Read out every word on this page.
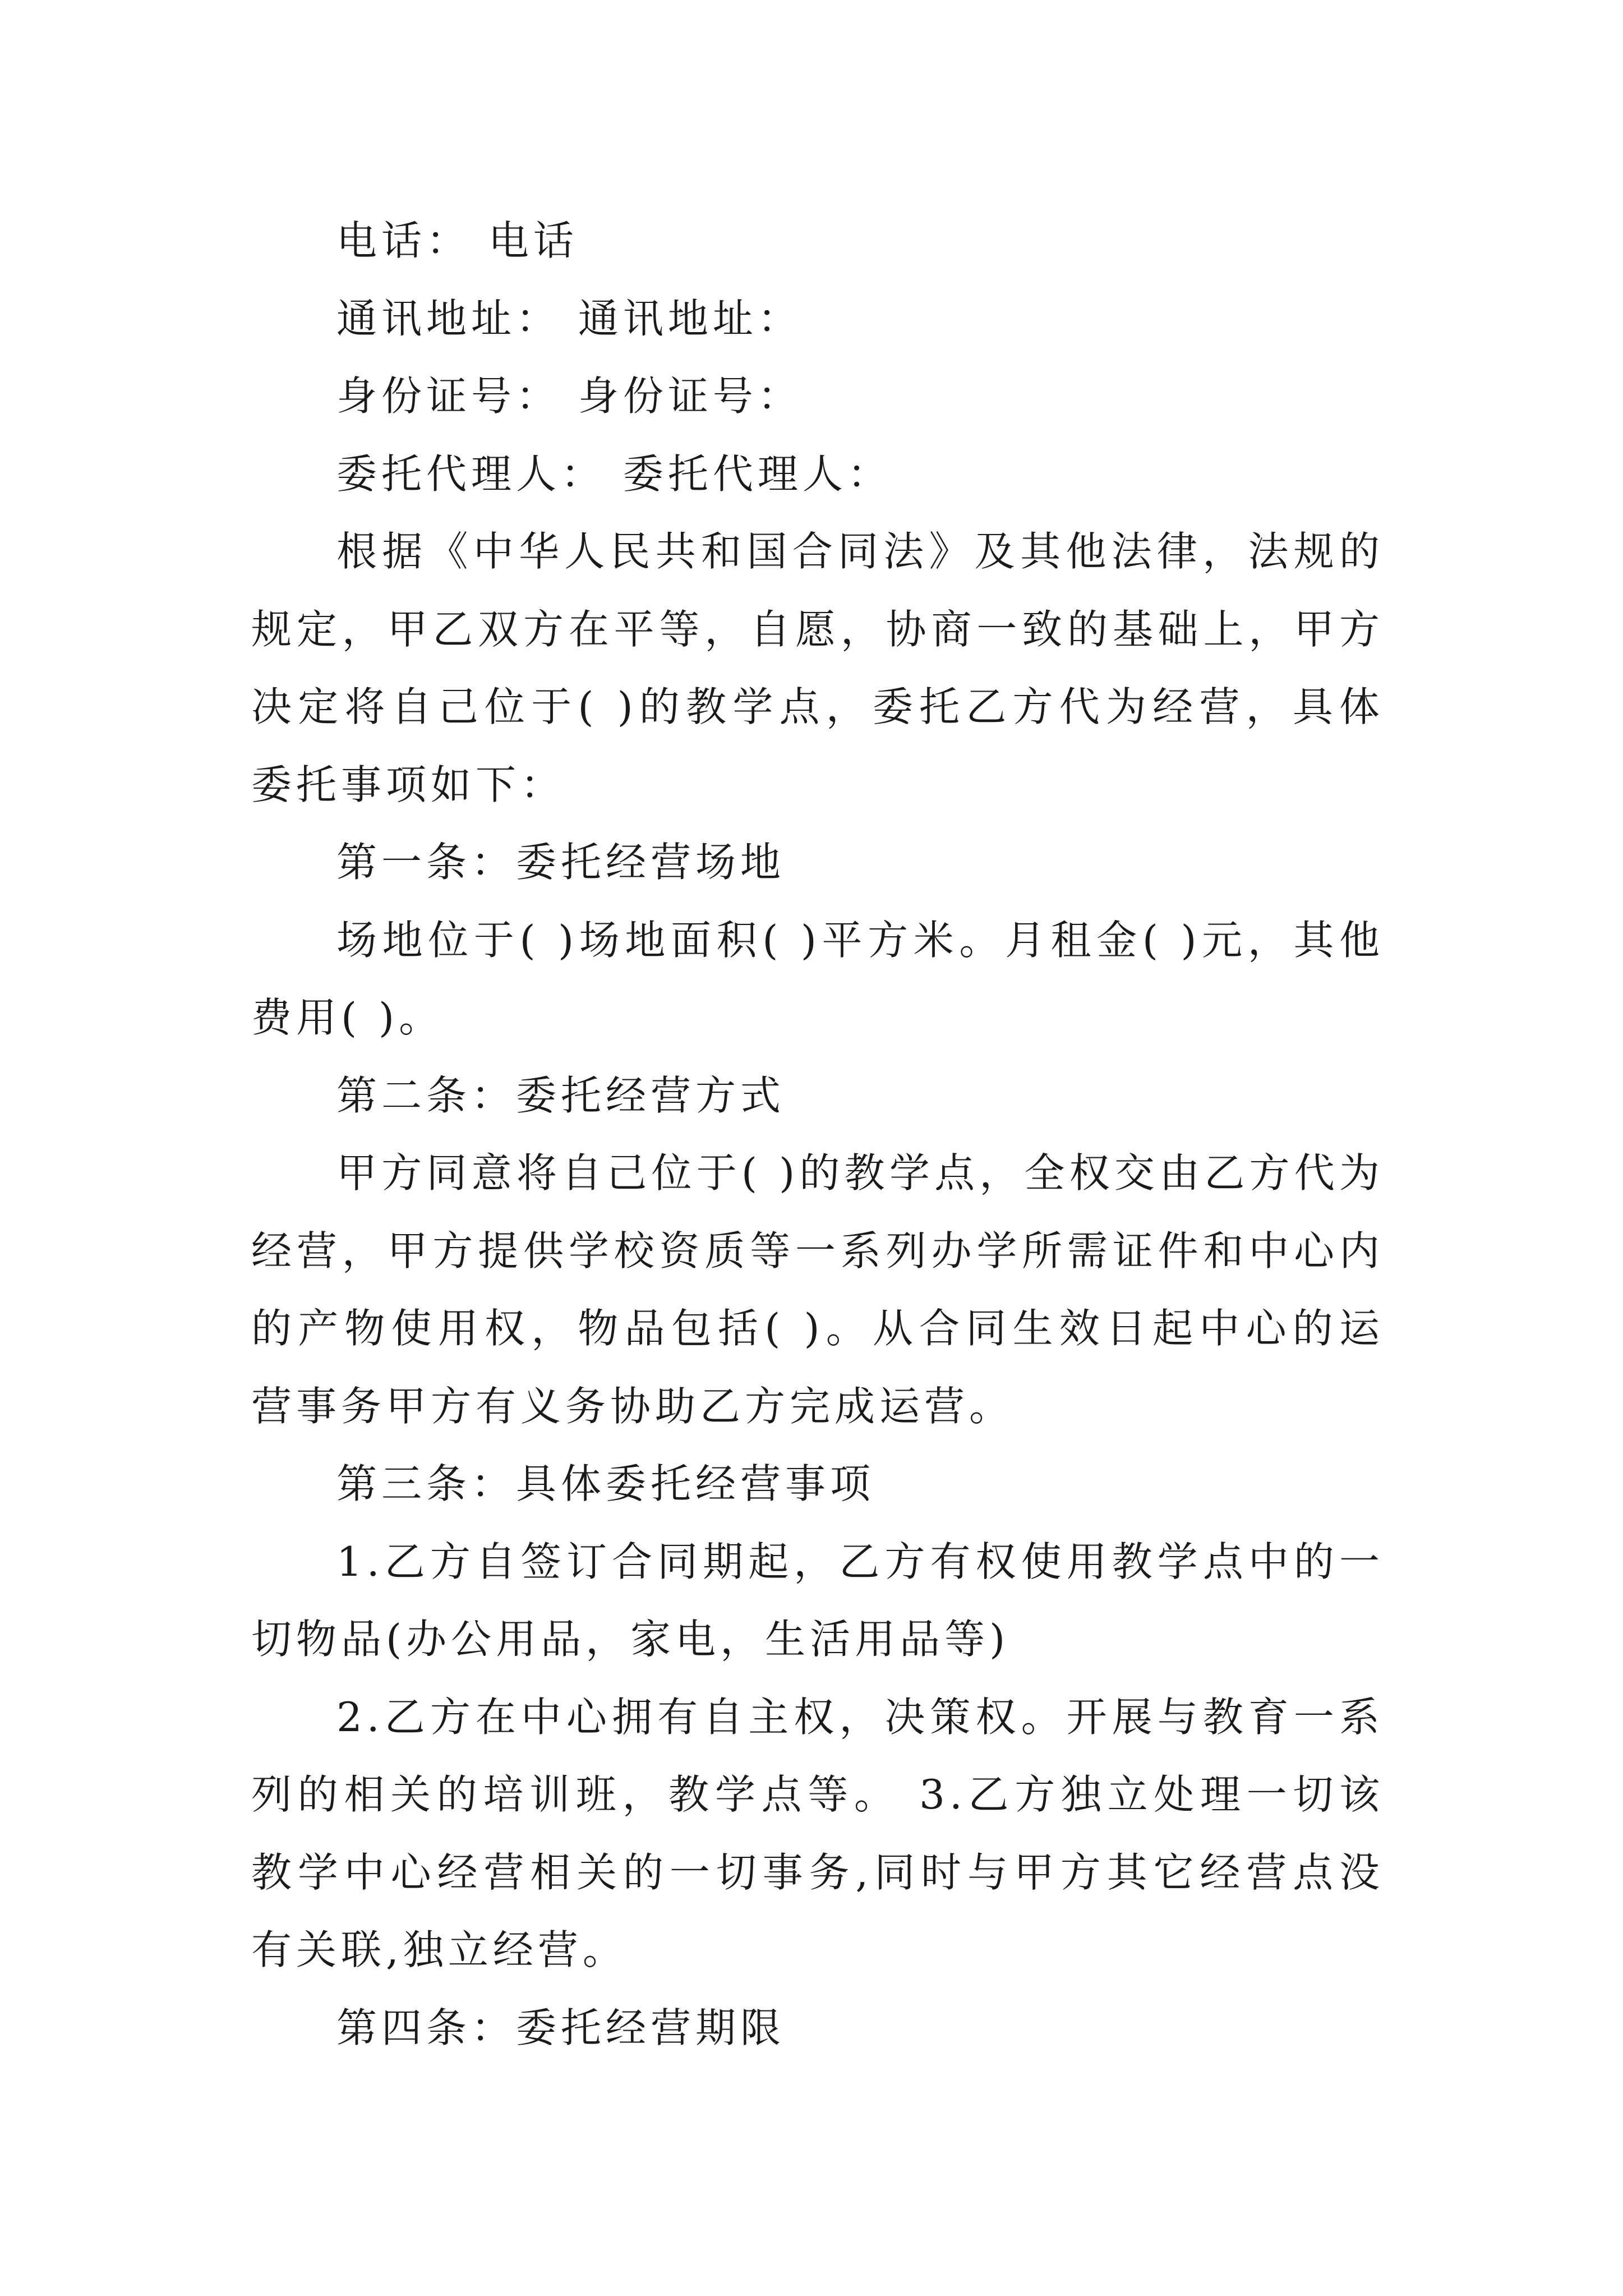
电话： 电话

通讯地址： 通讯地址：

身份证号： 身份证号：

委托代理人： 委托代理人：

根据《中华人民共和国合同法》及其他法律，法规的规定，甲乙双方在平等，自愿，协商一致的基础上，甲方决定将自己位于( )的教学点，委托乙方代为经营，具体委托事项如下：

第一条：委托经营场地

场地位于( )场地面积( )平方米。月租金( )元，其他费用( )。

第二条：委托经营方式

甲方同意将自己位于( )的教学点，全权交由乙方代为经营，甲方提供学校资质等一系列办学所需证件和中心内的产物使用权，物品包括( )。从合同生效日起中心的运营事务甲方有义务协助乙方完成运营。

第三条：具体委托经营事项

1.乙方自签订合同期起，乙方有权使用教学点中的一切物品(办公用品，家电，生活用品等)

2.乙方在中心拥有自主权，决策权。开展与教育一系列的相关的培训班，教学点等。 3.乙方独立处理一切该教学中心经营相关的一切事务,同时与甲方其它经营点没有关联,独立经营。

第四条：委托经营期限
